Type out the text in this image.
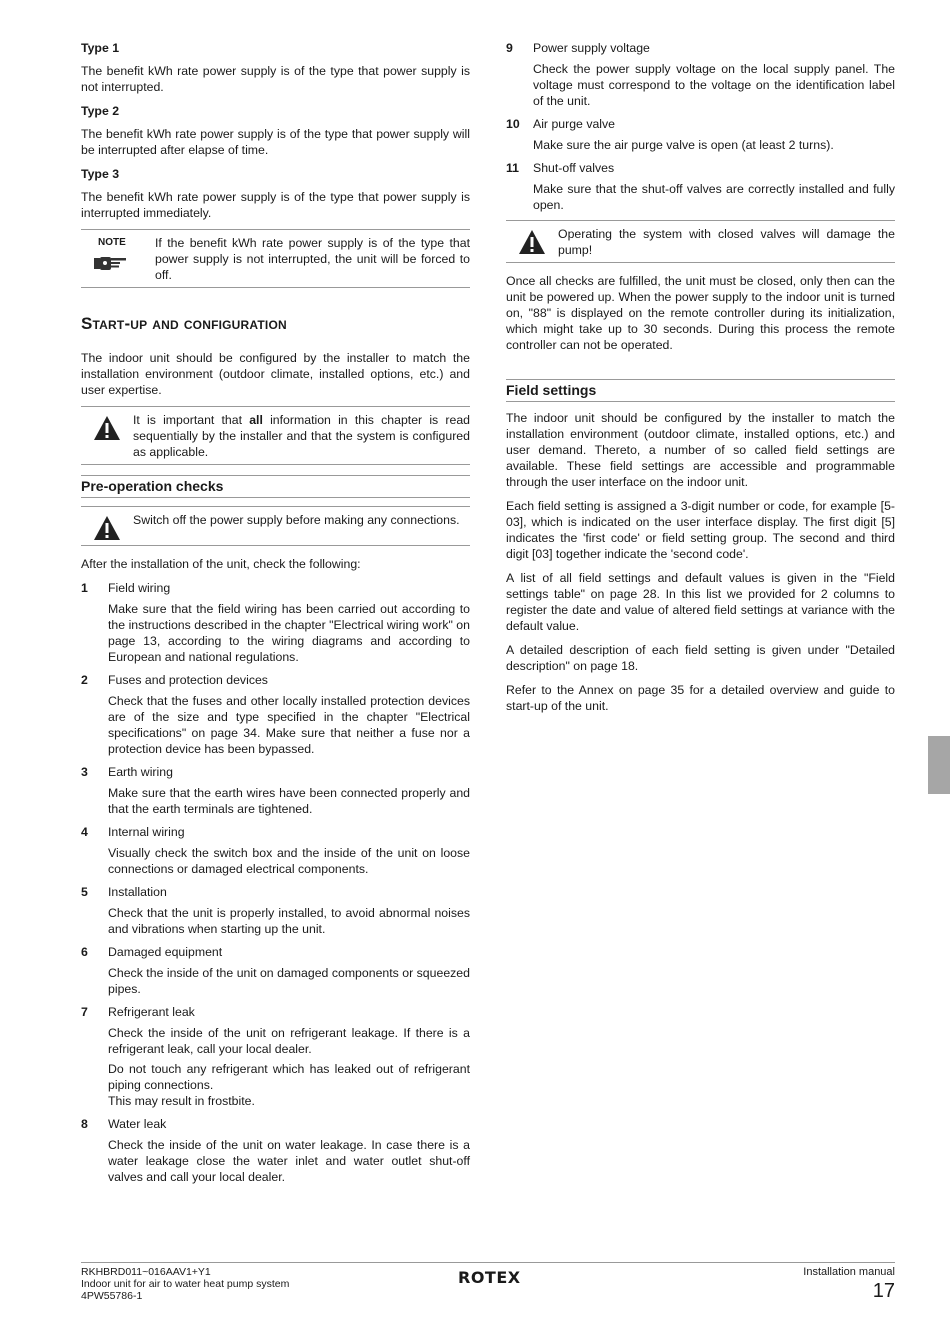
Type 1

The benefit kWh rate power supply is of the type that power supply is not interrupted.

Type 2

The benefit kWh rate power supply is of the type that power supply will be interrupted after elapse of time.

Type 3

The benefit kWh rate power supply is of the type that power supply is interrupted immediately.

NOTE	If the benefit kWh rate power supply is of the type that power supply is not interrupted, the unit will be forced to off.
Start-up and configuration

The indoor unit should be configured by the installer to match the installation environment (outdoor climate, installed options, etc.) and user expertise.

It is important that all information in this chapter is read sequentially by the installer and that the system is configured as applicable.
Pre-operation checks
Switch off the power supply before making any connections.

After the installation of the unit, check the following:

1 Field wiring

Make sure that the field wiring has been carried out according to the instructions described in the chapter "Electrical wiring work" on page 13, according to the wiring diagrams and according to European and national regulations.

2 Fuses and protection devices

Check that the fuses and other locally installed protection devices are of the size and type specified in the chapter "Electrical specifications" on page 34. Make sure that neither a fuse nor a protection device has been bypassed.

3 Earth wiring

Make sure that the earth wires have been connected properly and that the earth terminals are tightened.

4 Internal wiring

Visually check the switch box and the inside of the unit on loose connections or damaged electrical components.

5 Installation

Check that the unit is properly installed, to avoid abnormal noises and vibrations when starting up the unit.

6 Damaged equipment

Check the inside of the unit on damaged components or squeezed pipes.

7 Refrigerant leak

Check the inside of the unit on refrigerant leakage. If there is a refrigerant leak, call your local dealer.

Do not touch any refrigerant which has leaked out of refrigerant piping connections.

This may result in frostbite.

8 Water leak

Check the inside of the unit on water leakage. In case there is a water leakage close the water inlet and water outlet shut-off valves and call your local dealer.

9 Power supply voltage

Check the power supply voltage on the local supply panel. The voltage must correspond to the voltage on the identification label of the unit.

10 Air purge valve

Make sure the air purge valve is open (at least 2 turns).

11 Shut-off valves

Make sure that the shut-off valves are correctly installed and fully open.

Operating the system with closed valves will damage the pump!

Once all checks are fulfilled, the unit must be closed, only then can the unit be powered up. When the power supply to the indoor unit is turned on, "88" is displayed on the remote controller during its initialization, which might take up to 30 seconds. During this process the remote controller can not be operated.

Field settings

The indoor unit should be configured by the installer to match the installation environment (outdoor climate, installed options, etc.) and user demand. Thereto, a number of so called field settings are available. These field settings are accessible and programmable through the user interface on the indoor unit.

Each field setting is assigned a 3-digit number or code, for example [5-03], which is indicated on the user interface display. The first digit [5] indicates the 'first code' or field setting group. The second and third digit [03] together indicate the 'second code'.

A list of all field settings and default values is given in the "Field settings table" on page 28. In this list we provided for 2 columns to register the date and value of altered field settings at variance with the default value.

A detailed description of each field setting is given under "Detailed description" on page 18.

Refer to the Annex on page 35 for a detailed overview and guide to start-up of the unit.

RKHBRD011~016AAV1+Y1
Indoor unit for air to water heat pump system
4PW55786-1
ROTEX	Installation manual
17
